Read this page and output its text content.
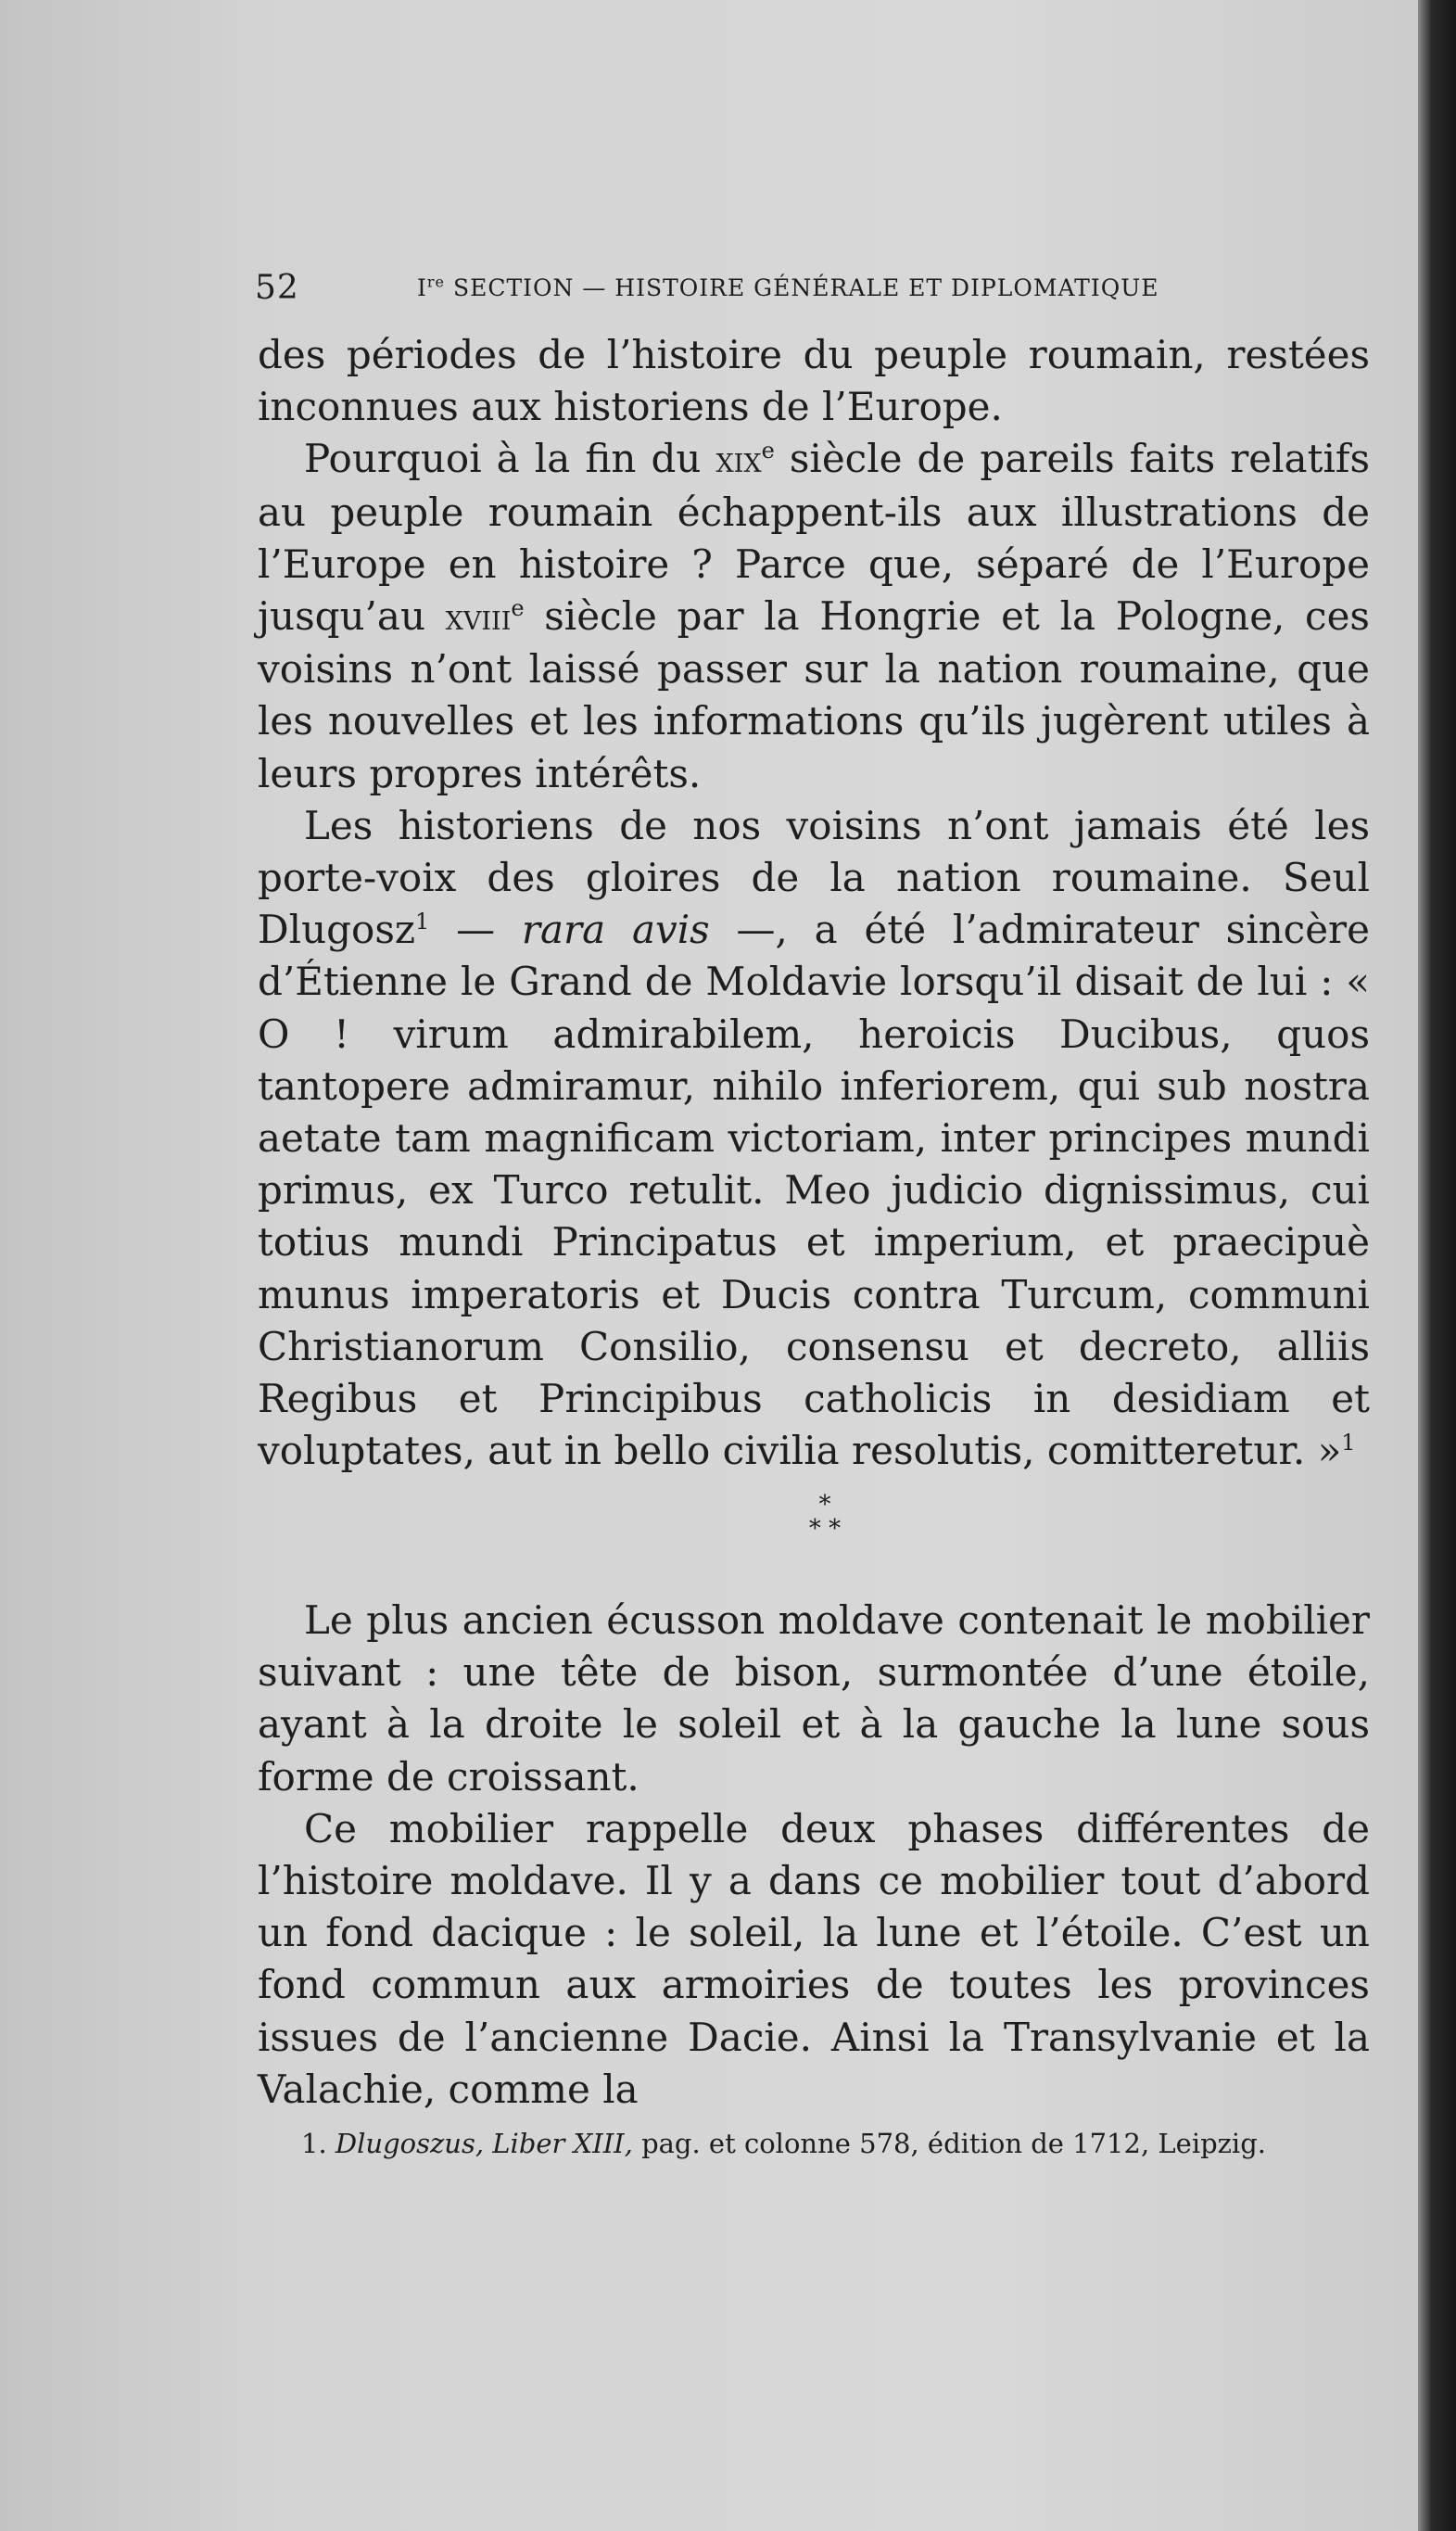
52	Ire SECTION — HISTOIRE GÉNÉRALE ET DIPLOMATIQUE

des périodes de l’histoire du peuple roumain, restées inconnues aux historiens de l’Europe.

Pourquoi à la fin du xix$^e$ siècle de pareils faits relatifs au peuple roumain échappent-ils aux illustrations de l’Europe en histoire ? Parce que, séparé de l’Europe jusqu’au xviii$^e$ siècle par la Hongrie et la Pologne, ces voisins n’ont laissé passer sur la nation roumaine, que les nouvelles et les informations qu’ils jugèrent utiles à leurs propres intérêts.

Les historiens de nos voisins n’ont jamais été les porte-voix des gloires de la nation roumaine. Seul Dlugosz$^1$ — rara avis —, a été l’admirateur sincère d’Étienne le Grand de Moldavie lorsqu’il disait de lui : « O ! virum admirabilem, heroicis Ducibus, quos tantopere admiramur, nihilo inferiorem, qui sub nostra aetate tam magnificam victoriam, inter principes mundi primus, ex Turco retulit. Meo judicio dignissimus, cui totius mundi Principatus et imperium, et praecipuè munus imperatoris et Ducis contra Turcum, communi Christianorum Consilio, consensu et decreto, alliis Regibus et Principibus catholicis in desidiam et voluptates, aut in bello civilia resolutis, comitteretur. »$^1$

*
* *

Le plus ancien écusson moldave contenait le mobilier suivant : une tête de bison, surmontée d’une étoile, ayant à la droite le soleil et à la gauche la lune sous forme de croissant.

Ce mobilier rappelle deux phases différentes de l’histoire moldave. Il y a dans ce mobilier tout d’abord un fond dacique : le soleil, la lune et l’étoile. C’est un fond commun aux armoiries de toutes les provinces issues de l’ancienne Dacie. Ainsi la Transylvanie et la Valachie, comme la

1. Dlugoszus, Liber XIII, pag. et colonne 578, édition de 1712, Leipzig.
